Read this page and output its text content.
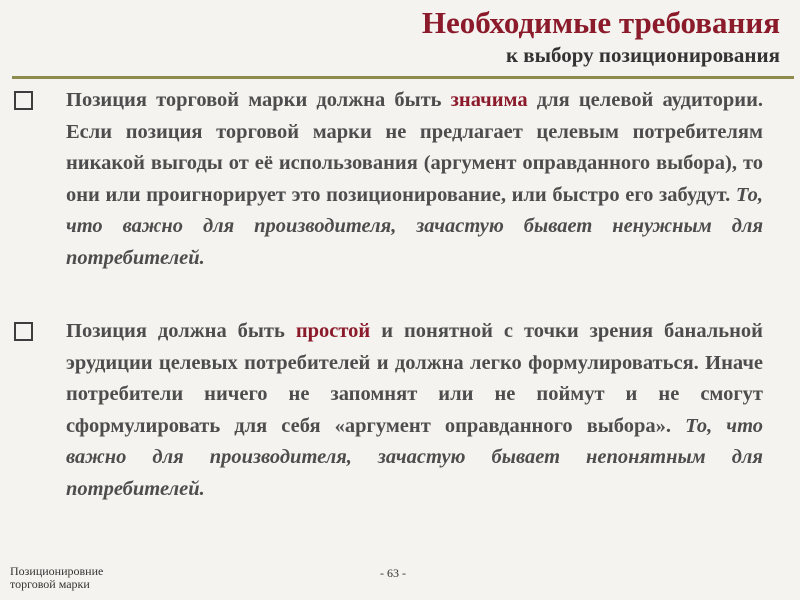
Необходимые требования
к выбору позиционирования
Позиция торговой марки должна быть значима для целевой аудитории. Если позиция торговой марки не предлагает целевым потребителям никакой выгоды от её использования (аргумент оправданного выбора), то они или проигнорирует это позиционирование, или быстро его забудут. То, что важно для производителя, зачастую бывает ненужным для потребителей.
Позиция должна быть простой и понятной с точки зрения банальной эрудиции целевых потребителей и должна легко формулироваться. Иначе потребители ничего не запомнят или не поймут и не смогут сформулировать для себя «аргумент оправданного выбора». То, что важно для производителя, зачастую бывает непонятным для потребителей.
Позиционировние
торговой марки
- 63 -
